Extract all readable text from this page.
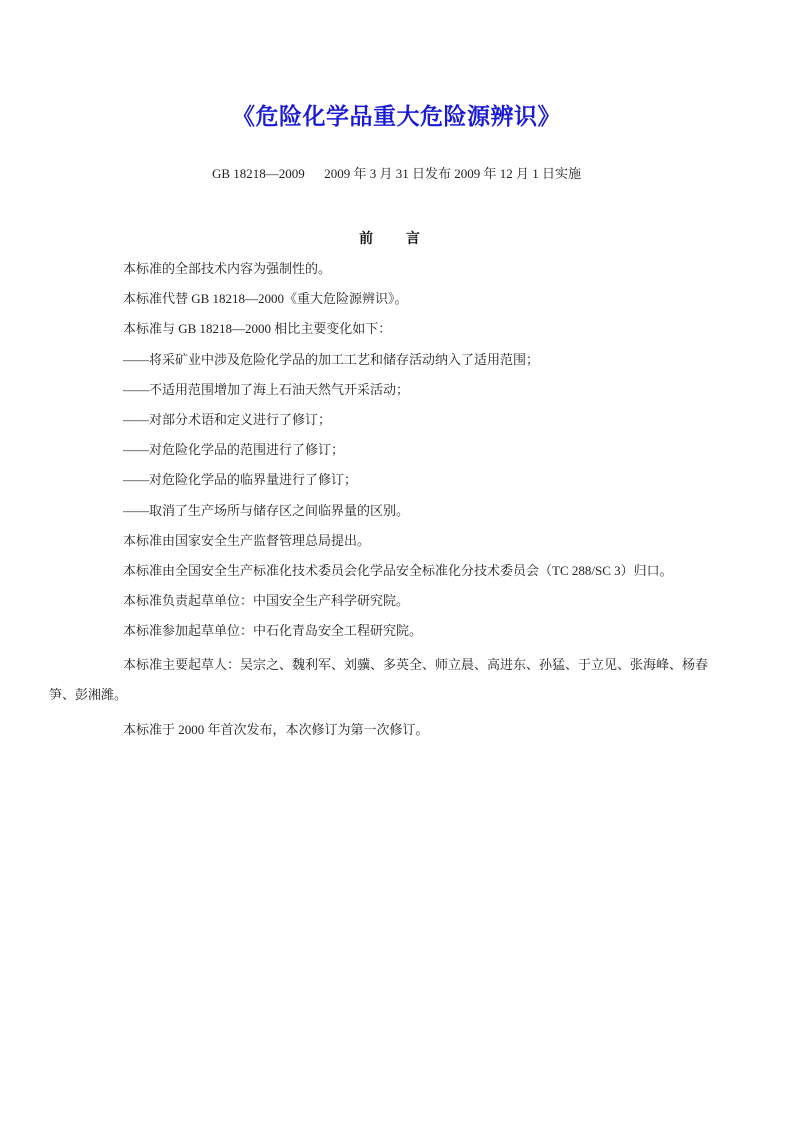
《危险化学品重大危险源辨识》
GB 18218—2009      2009 年 3 月 31 日发布 2009 年 12 月 1 日实施
前 言

本标准的全部技术内容为强制性的。

本标准代替 GB 18218—2000《重大危险源辨识》。

本标准与 GB 18218—2000 相比主要变化如下：

——将采矿业中涉及危险化学品的加工工艺和储存活动纳入了适用范围；

——不适用范围增加了海上石油天然气开采活动；

——对部分术语和定义进行了修订；

——对危险化学品的范围进行了修订；

——对危险化学品的临界量进行了修订；

——取消了生产场所与储存区之间临界量的区别。

本标准由国家安全生产监督管理总局提出。

本标准由全国安全生产标准化技术委员会化学品安全标准化分技术委员会（TC 288/SC 3）归口。

本标准负责起草单位：中国安全生产科学研究院。

本标准参加起草单位：中石化青岛安全工程研究院。

本标准主要起草人：吴宗之、魏利军、刘骥、多英全、师立晨、高进东、孙猛、于立见、张海峰、杨春笋、彭湘潍。

本标准于 2000 年首次发布，本次修订为第一次修订。
